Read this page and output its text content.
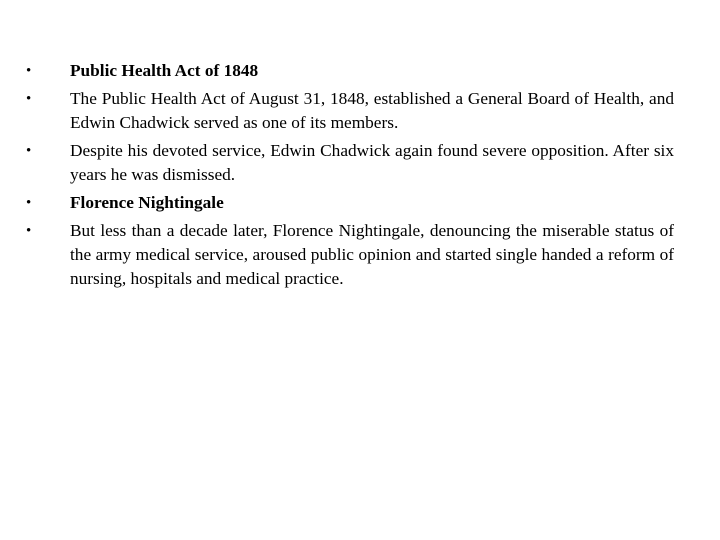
•	Public Health Act of 1848
•	The Public Health Act of August 31, 1848, established a General Board of Health, and Edwin Chadwick served as one of its members.
•	Despite his devoted service, Edwin Chadwick again found severe opposition. After six years he was dismissed.
•	Florence Nightingale
•	But less than a decade later, Florence Nightingale, denouncing the miserable status of the army medical service, aroused public opinion and started single handed a reform of nursing, hospitals and medical practice.
